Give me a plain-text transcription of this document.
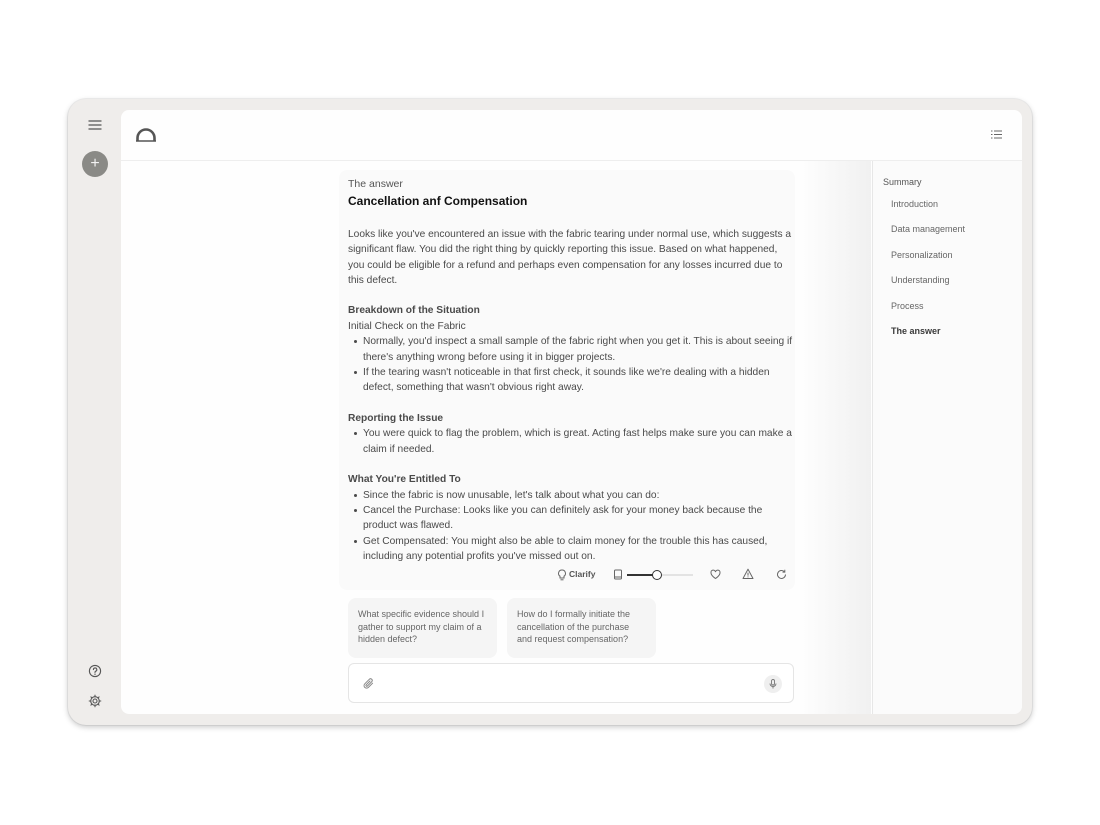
+
Summary
Introduction
Data management
Personalization
Understanding
Process
The answer
The answer
Cancellation anf Compensation

Looks like you've encountered an issue with the fabric tearing under normal use, which suggests a significant flaw. You did the right thing by quickly reporting this issue. Based on what happened, you could be eligible for a refund and perhaps even compensation for any losses incurred due to this defect.

Breakdown of the Situation
Initial Check on the Fabric
Normally, you'd inspect a small sample of the fabric right when you get it. This is about seeing if there's anything wrong before using it in bigger projects.
If the tearing wasn't noticeable in that first check, it sounds like we're dealing with a hidden defect, something that wasn't obvious right away.
Reporting the Issue
You were quick to flag the problem, which is great. Acting fast helps make sure you can make a claim if needed.
What You're Entitled To
Since the fabric is now unusable, let's talk about what you can do:
Cancel the Purchase: Looks like you can definitely ask for your money back because the product was flawed.
Get Compensated: You might also be able to claim money for the trouble this has caused, including any potential profits you've missed out on.
Clarify
What specific evidence should I gather to support my claim of a hidden defect?
How do I formally initiate the cancellation of the purchase and request compensation?
